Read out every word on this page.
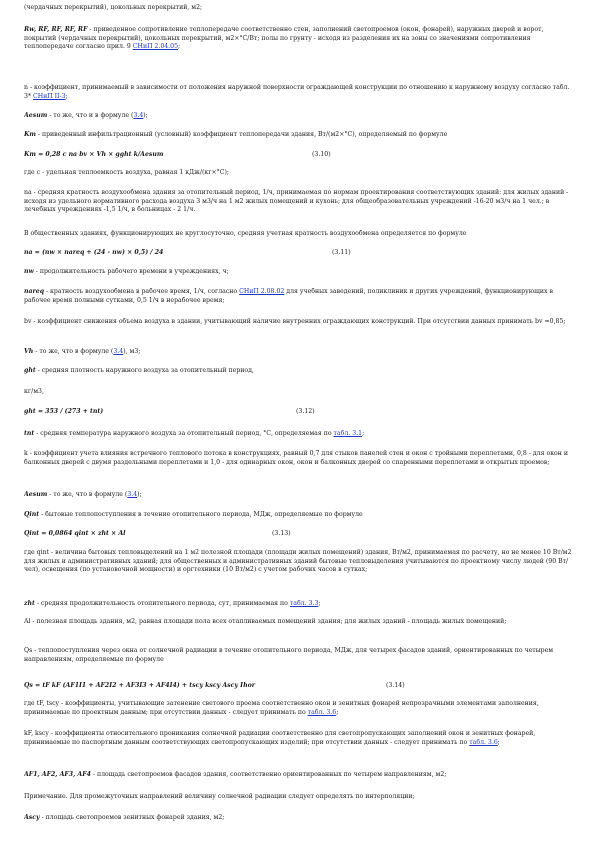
(чердачных перекрытий), цокольных перекрытий, м2;
Rw, RF, RF, RF, RF - приведенное сопротивление теплопередаче соответственно стен, заполнений светопроемов (окон, фонарей), наружных дверей и ворот, покрытий (чердачных перекрытий), цокольных перекрытий, м2×°С/Вт; полы по грунту - исходя из разделения их на зоны со значениями сопротивления теплопередаче согласно прил. 9 СНиП 2.04.05;
n - коэффициент, принимаемый в зависимости от положения наружной поверхности ограждающей конструкции по отношению к наружному воздуху согласно табл. 3* СНиП II-3;
Aesum - то же, что и в формуле (3.4);
Km - приведенный инфильтрационный (условный) коэффициент теплопередачи здания, Вт/(м2×°С), определяемый по формуле
Km = 0,28 c na bv × Vh × gght k/Aesum	(3.10)
где c - удельная теплоемкость воздуха, равная 1 кДж/(кг×°С);
na - средняя кратность воздухообмена здания за отопительный период, 1/ч, принимаемая по нормам проектирования соответствующих зданий: для жилых зданий - исходя из удельного нормативного расхода воздуха 3 м3/ч на 1 м2 жилых помещений и кухонь; для общеобразовательных учреждений -16-20 м3/ч на 1 чел.; в лечебных учреждениях -1,5 1/ч, в больницах - 2 1/ч.
В общественных зданиях, функционирующих не круглосуточно, средняя учетная кратность воздухообмена определяется по формуле
na = (nw × nareq + (24 - nw) × 0,5) / 24	(3.11)
nw - продолжительность рабочего времени в учреждениях, ч;
nareq - кратность воздухообмена в рабочее время, 1/ч, согласно СНиП 2.08.02 для учебных заведений, поликлиник и других учреждений, функционирующих в рабочее время полными сутками, 0,5 1/ч в нерабочее время;
bv - коэффициент снижения объема воздуха в здании, учитывающий наличие внутренних ограждающих конструкций. При отсутствии данных принимать bv =0,85;
Vh - то же, что в формуле (3.4), м3;
ght - средняя плотность наружного воздуха за отопительный период,
кг/м3,
ght = 353 / (273 + tnt)	(3.12)
tnt - средняя температура наружного воздуха за отопительный период, °С, определяемая по табл. 3.1;
k - коэффициент учета влияния встречного теплового потока в конструкциях, равный 0,7 для стыков панелей стен и окон с тройными переплетами, 0,8 - для окон и балконных дверей с двумя раздельными переплетами и 1,0 - для одинарных окон, окон и балконных дверей со спаренными переплетами и открытых проемов;
Aesum - то же, что в формуле (3.4);
Qint - бытовые теплопоступления в течение отопительного периода, МДж, определяемые по формуле
Qint = 0,0864 qint × zht × Al	(3.13)
где qint - величина бытовых тепловыделений на 1 м2 полезной площади (площади жилых помещений) здания, Вт/м2, принимаемая по расчету, но не менее 10 Вт/м2 для жилых и административных зданий; для общественных и административных зданий бытовые тепловыделения учитываются по проектному числу людей (90 Вт/чел), освещения (по установочной мощности) и оргтехники (10 Вт/м2) с учетом рабочих часов в сутках;
zht - средняя продолжительность отопительного периода, сут, принимаемая по табл. 3.3;
Al - полезная площадь здания, м2, равная площади пола всех отапливаемых помещений здания; для жилых зданий - площадь жилых помещений;
Qs - теплопоступления через окна от солнечной радиации в течение отопительного периода, МДж, для четырех фасадов зданий, ориентированных по четырем направлениям, определяемые по формуле
Qs = tF kF (AF1I1 + AF2I2 + AF3I3 + AF4I4) + tscy kscy Ascy Ihor	(3.14)
где tF, tscy - коэффициенты, учитывающие затенение светового проема соответственно окон и зенитных фонарей непрозрачными элементами заполнения, принимаемые по проектным данным; при отсутствии данных - следует принимать по табл. 3.6;
kF, kscy - коэффициенты относительного проникания солнечной радиации соответственно для светопропускающих заполнений окон и зенитных фонарей, принимаемые по паспортным данным соответствующих светопропускающих изделий; при отсутствии данных - следует принимать по табл. 3.6;
AF1, AF2, AF3, AF4 - площадь светопроемов фасадов здания, соответственно ориентированных по четырем направлениям, м2;
Примечание. Для промежуточных направлений величину солнечной радиации следует определять по интерполяции;
Ascy - площадь светопроемов зенитных фонарей здания, м2;
